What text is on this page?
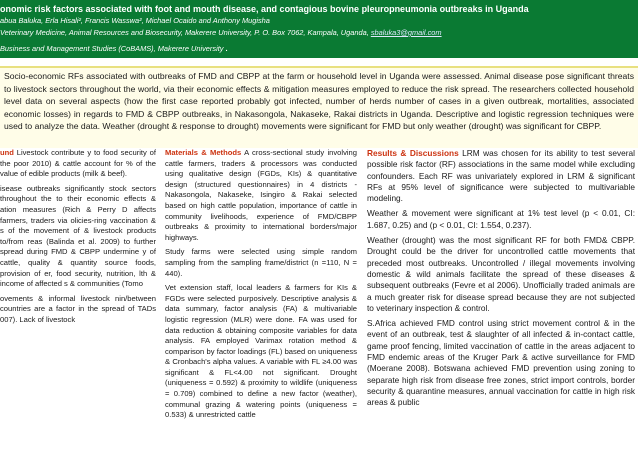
onomic risk factors associated with foot and mouth disease, and contagious bovine pleuropneumonia outbreaks in Uganda
abua Baluka, Erla Hisali², Francis Wasswa², Michael Ocaido and Anthony Mugisha
Veterinary Medicine, Animal Resources and Biosecurity, Makerere University, P. O. Box 7062, Kampala, Uganda, sbaluka3@gmail.com
Business and Management Studies (CoBAMS), Makerere University .

Socio-economic RFs associated with outbreaks of FMD and CBPP at the farm or household level in Uganda were assessed. Animal disease pose significant threats to livestock sectors throughout the world, via their economic effects & mitigation measures employed to reduce the risk spread. The researchers collected household level data on several aspects (how the first case reported probably got infected, number of herds number of cases in a given outbreak, mortalities, associated economic losses) in regards to FMD & CBPP outbreaks, in Nakasongola, Nakaseke, Rakai districts in Uganda. Descriptive and logistic regression techniques were used to analyze the data. Weather (drought & response to drought) movements were significant for FMD but only weather (drought) was significant for CBPP.

und Livestock contribute y to food security of the poor 2010) & cattle account for % of the value of edible products (milk & beef).

isease outbreaks significantly stock sectors throughout the to their economic effects & ation measures (Rich & Perry D affects farmers, traders via olicies-ring vaccination & s of the movement of & livestock products to/from reas (Balinda et al. 2009) to further spread during FMD & CBPP undermine y of cattle, quality & quantity source foods, provision of er, food security, nutrition, lth & income of affected s & communities (Tomo

ovements & informal livestock nin/between countries are a factor in the spread of TADs 007). Lack of livestock

Materials & Methods A cross-sectional study involving cattle farmers, traders & processors was conducted using qualitative design (FGDs, KIs) & quantitative design (structured questionnaires) in 4 districts - Nakasongola, Nakaseke, Isingiro & Rakai selected based on high cattle population, importance of cattle in community livelihoods, experience of FMD/CBPP outbreaks & proximity to international borders/major highways.

Study farms were selected using simple random sampling from the sampling frame/district (n =110, N = 440).

Vet extension staff, local leaders & farmers for KIs & FGDs were selected purposively. Descriptive analysis & data summary, factor analysis (FA) & multivariable logistic regression (MLR) were done. FA was used for data reduction & obtaining composite variables for data analysis. FA employed Varimax rotation method & comparison by factor loadings (FL) based on uniqueness & Cronbach's alpha values. A variable with FL ≥4.00 was significant & FL<4.00 not significant. Drought (uniqueness = 0.592) & proximity to wildlife (uniqueness = 0.709) combined to define a new factor (weather), communal grazing & watering points (uniqueness = 0.533) & unrestricted cattle

Results & Discussions LRM was chosen for its ability to test several possible risk factor (RF) associations in the same model while excluding confounders. Each RF was univariately explored in LRM & significant RFs at 95% level of significance were subjected to multivariable modeling.

Weather & movement were significant at 1% test level (p < 0.01, CI: 1.687, 0.25) and (p < 0.01, CI: 1.554, 0.237).

Weather (drought) was the most significant RF for both FMD& CBPP. Drought could be the driver for uncontrolled cattle movements that preceded most outbreaks. Uncontrolled / illegal movements involving domestic & wild animals facilitate the spread of these diseases & subsequent outbreaks (Fevre et al 2006). Unofficially traded animals are a much greater risk for disease spread because they are not subjected to veterinary inspection & control.

S.Africa achieved FMD control using strict movement control & in the event of an outbreak, test & slaughter of all infected & in-contact cattle, game proof fencing, limited vaccination of cattle in the areas adjacent to FMD endemic areas of the Kruger Park & active surveillance for FMD (Moerane 2008). Botswana achieved FMD prevention using zoning to separate high risk from disease free zones, strict import controls, border security & quarantine measures, annual vaccination for cattle in high risk areas & public
